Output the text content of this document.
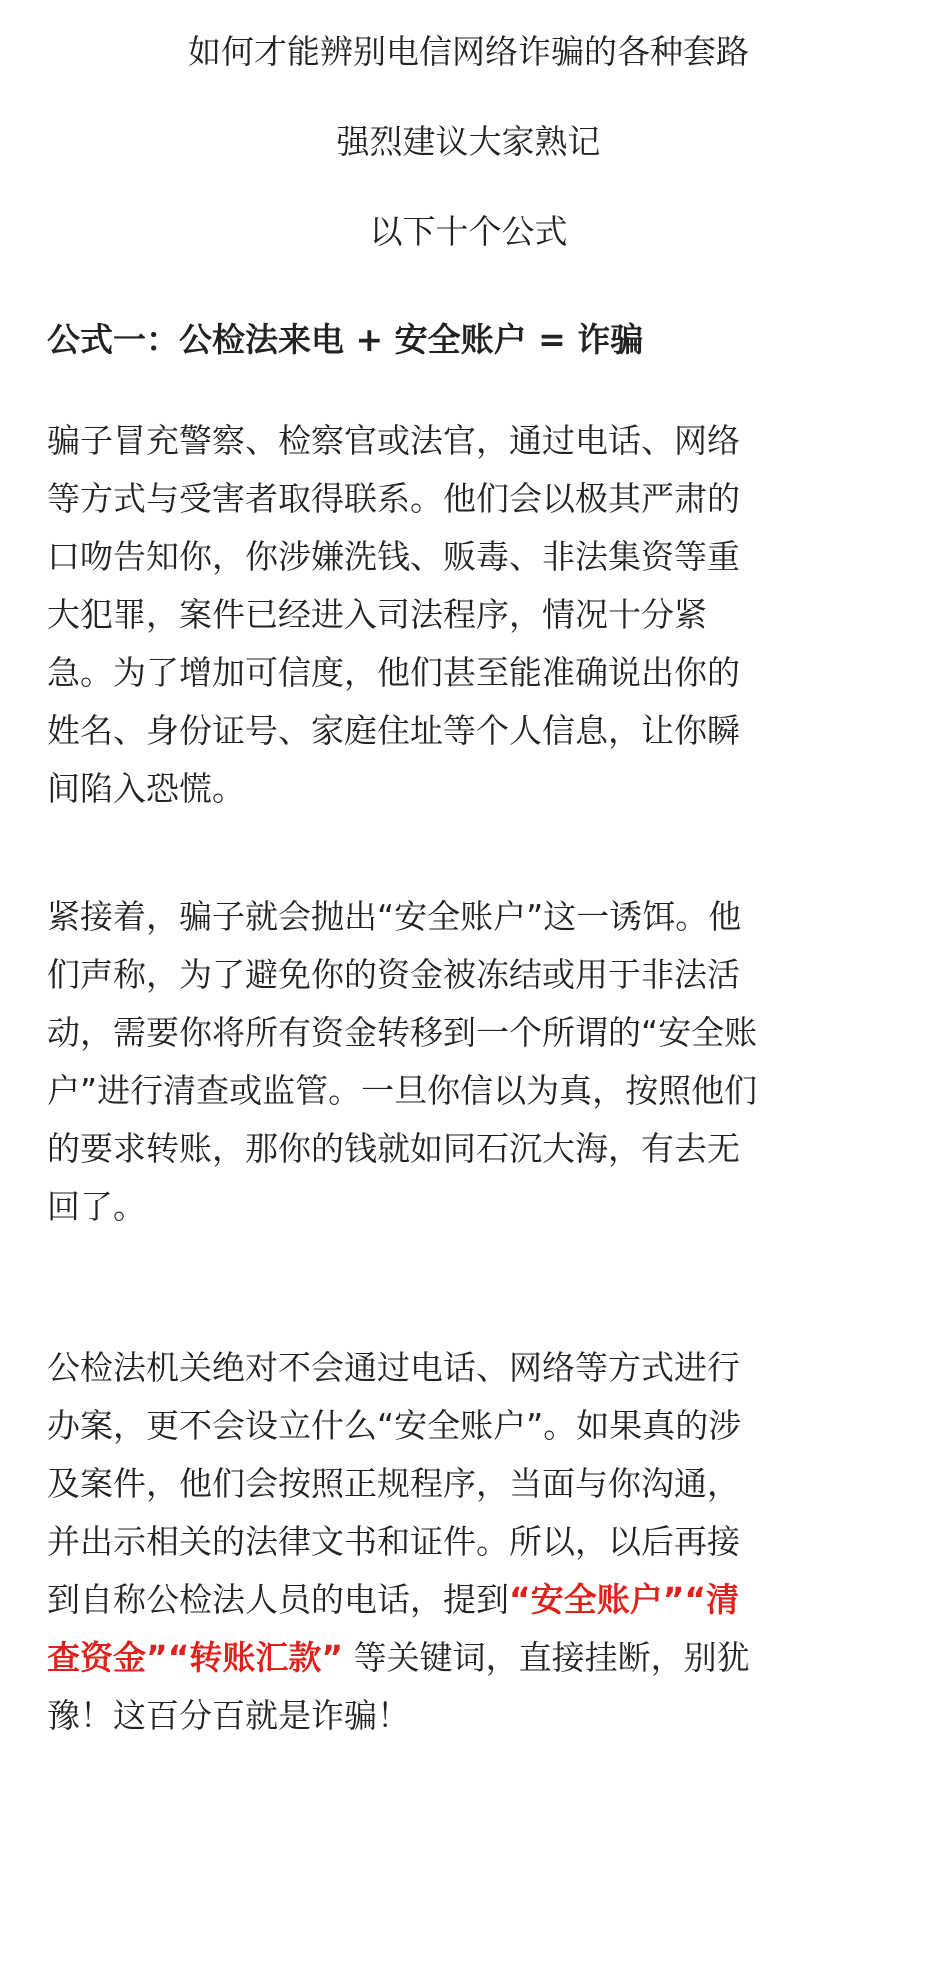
如何才能辨别电信网络诈骗的各种套路
强烈建议大家熟记
以下十个公式
公式一：公检法来电 + 安全账户 = 诈骗
骗子冒充警察、检察官或法官，通过电话、网络
等方式与受害者取得联系。他们会以极其严肃的
口吻告知你，你涉嫌洗钱、贩毒、非法集资等重
大犯罪，案件已经进入司法程序，情况十分紧
急。为了增加可信度，他们甚至能准确说出你的
姓名、身份证号、家庭住址等个人信息，让你瞬
间陷入恐慌。
紧接着，骗子就会抛出“安全账户”这一诱饵。他
们声称，为了避免你的资金被冻结或用于非法活
动，需要你将所有资金转移到一个所谓的“安全账
户”进行清查或监管。一旦你信以为真，按照他们
的要求转账，那你的钱就如同石沉大海，有去无
回了。
公检法机关绝对不会通过电话、网络等方式进行
办案，更不会设立什么“安全账户”。如果真的涉
及案件，他们会按照正规程序，当面与你沟通，
并出示相关的法律文书和证件。所以，以后再接
到自称公检法人员的电话，提到“安全账户”“清
查资金”“转账汇款” 等关键词，直接挂断，别犹
豫！这百分百就是诈骗！
